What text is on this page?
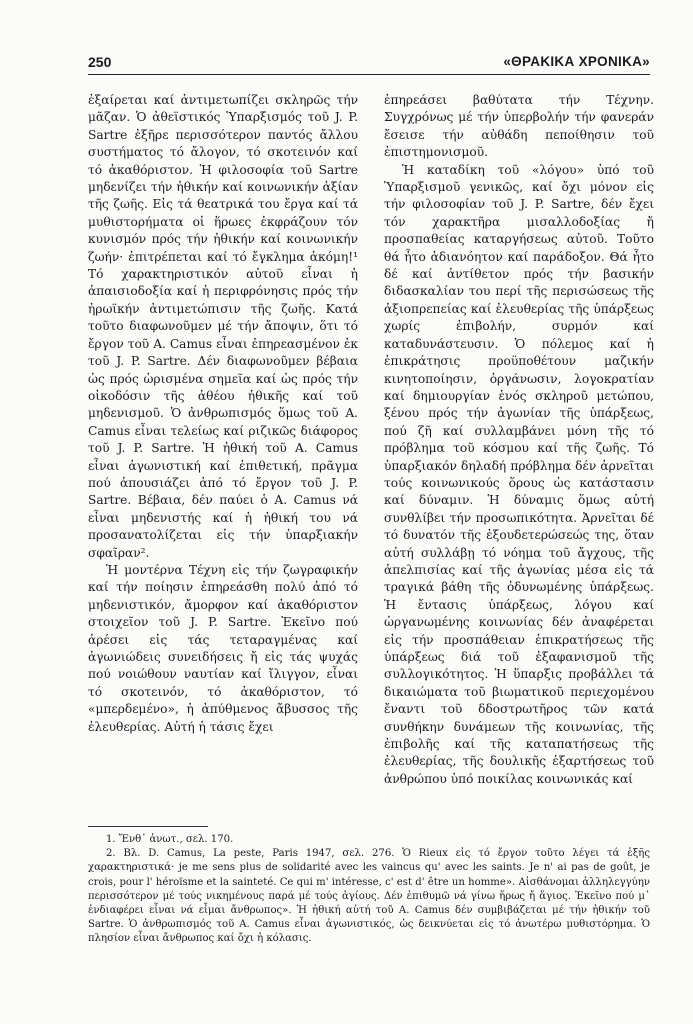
250	«ΘΡΑΚΙΚΑ ΧΡΟΝΙΚΑ»

ἐξαίρεται καί ἀντιμετωπίζει σκληρῶς τήν μᾶζαν. Ὁ ἀθεϊστικός Ὑπαρξισμός τοῦ J. P. Sartre ἐξῆρε περισσότερον παντός ἄλλου συστήματος τό ἄλογον, τό σκοτεινόν καί τό ἀκαθόριστον. Ἡ φιλοσοφία τοῦ Sartre μηδενίζει τήν ἠθικήν καί κοινωνικήν ἀξίαν τῆς ζωῆς. Εἰς τά θεατρικά του ἔργα καί τά μυθιστορήματα οἱ ἥρωες ἐκφράζουν τόν κυνισμόν πρός τήν ἠθικήν καί κοινωνικήν ζωήν· ἐπιτρέπεται καί τό ἔγκλημα ἀκόμη!¹ Τό χαρακτηριστικόν αὐτοῦ εἶναι ἡ ἀπαισιοδοξία καί ἡ περιφρόνησις πρός τήν ἡρωϊκήν ἀντιμετώπισιν τῆς ζωῆς. Κατά τοῦτο διαφωνοῦμεν μέ τήν ἄποψιν, ὅτι τό ἔργον τοῦ A. Camus εἶναι ἐπηρεασμένον ἐκ τοῦ J. P. Sartre. Δέν διαφωνοῦμεν βέβαια ὡς πρός ὡρισμένα σημεῖα καί ὡς πρός τήν οἰκοδόσιν τῆς ἀθέου ἠθικῆς καί τοῦ μηδενισμοῦ. Ὁ ἀνθρωπισμός ὅμως τοῦ A. Camus εἶναι τελείως καί ριζικῶς διάφορος τοῦ J. P. Sartre. Ἡ ἠθική τοῦ A. Camus εἶναι ἀγωνιστική καί ἐπιθετική, πρᾶγμα πού ἀπουσιάζει ἀπό τό ἔργον τοῦ J. P. Sartre. Βέβαια, δέν παύει ὁ A. Camus νά εἶναι μηδενιστής καί ἡ ἠθική του νά προσανατολίζεται εἰς τήν ὑπαρξιακήν σφαῖραν².

Ἡ μοντέρνα Τέχνη εἰς τήν ζωγραφικήν καί τήν ποίησιν ἐπηρεάσθη πολύ ἀπό τό μηδενιστικόν, ἄμορφον καί ἀκαθόριστον στοιχεῖον τοῦ J. P. Sartre. Ἐκεῖνο πού ἀρέσει εἰς τάς τεταραγμένας καί ἀγωνιώδεις συνειδήσεις ἤ εἰς τάς ψυχάς πού νοιώθουν ναυτίαν καί ἴλιγγον, εἶναι τό σκοτεινόν, τό ἀκαθόριστον, τό «μπερδεμένο», ἡ ἀπύθμενος ἄβυσσος τῆς ἐλευθερίας. Αὐτή ἡ τάσις ἔχει

ἐπηρεάσει βαθύτατα τήν Τέχνην. Συγχρόνως μέ τήν ὑπερβολήν τήν φανεράν ἔσεισε τήν αὐθάδη πεποίθησιν τοῦ ἐπιστημονισμοῦ.

Ἡ καταδίκη τοῦ «λόγου» ὑπό τοῦ Ὑπαρξισμοῦ γενικῶς, καί ὄχι μόνον εἰς τήν φιλοσοφίαν τοῦ J. P. Sartre, δέν ἔχει τόν χαρακτῆρα μισαλλοδοξίας ἤ προσπαθείας καταργήσεως αὐτοῦ. Τοῦτο θά ἦτο ἀδιανόητον καί παράδοξον. Θά ἦτο δέ καί ἀντίθετον πρός τήν βασικήν διδασκαλίαν του περί τῆς περισώσεως τῆς ἀξιοπρεπείας καί ἐλευθερίας τῆς ὑπάρξεως χωρίς ἐπιβολήν, συρμόν καί καταδυνάστευσιν. Ὁ πόλεμος καί ἡ ἐπικράτησις προϋποθέτουν μαζικήν κινητοποίησιν, ὀργάνωσιν, λογοκρατίαν καί δημιουργίαν ἑνός σκληροῦ μετώπου, ξένου πρός τήν ἀγωνίαν τῆς ὑπάρξεως, πού ζῆ καί συλλαμβάνει μόνη τῆς τό πρόβλημα τοῦ κόσμου καί τῆς ζωῆς. Τό ὑπαρξιακόν δηλαδή πρόβλημα δέν ἀρνεῖται τούς κοινωνικούς ὅρους ὡς κατάστασιν καί δύναμιν. Ἡ δύναμις ὅμως αὐτή συνθλίβει τήν προσωπικότητα. Ἀρνεῖται δέ τό δυνατόν τῆς ἐξουδετερώσεώς της, ὅταν αὐτή συλλάβῃ τό νόημα τοῦ ἄγχους, τῆς ἀπελπισίας καί τῆς ἀγωνίας μέσα εἰς τά τραγικά βάθη τῆς ὀδυνωμένης ὑπάρξεως. Ἡ ἔντασις ὑπάρξεως, λόγου καί ὠργανωμένης κοινωνίας δέν ἀναφέρεται εἰς τήν προσπάθειαν ἐπικρατήσεως τῆς ὑπάρξεως διά τοῦ ἐξαφανισμοῦ τῆς συλλογικότητος. Ἡ ὕπαρξις προβάλλει τά δικαιώματα τοῦ βιωματικοῦ περιεχομένου ἔναντι τοῦ δδοστρωτῆρος τῶν κατά συνθήκην δυνάμεων τῆς κοινωνίας, τῆς ἐπιβολῆς καί τῆς καταπατήσεως τῆς ἐλευθερίας, τῆς δουλικῆς ἐξαρτήσεως τοῦ ἀνθρώπου ὑπό ποικίλας κοινωνικάς καί

1. Ἔνθ᾽ ἀνωτ., σελ. 170.

2. Βλ. D. Camus, La peste, Paris 1947, σελ. 276. Ὁ Rieux εἰς τό ἔργον τοῦτο λέγει τά ἑξῆς χαρακτηριστικά· je me sens plus de solidarité avec les vaincus qu' avec les saints. Je n' ai pas de goût, je crois, pour l' héroïsme et la sainteté. Ce qui m' intéresse, c' est d' être un homme». Αἰσθάνομαι ἀλληλεγγύην περισσότερον μέ τούς νικημένους παρά μέ τούς ἁγίους. Δέν ἐπιθυμῶ νά γίνω ἥρως ἤ ἅγιος. Ἐκεῖνο πού μ᾽ ἐνδιαφέρει εἶναι νά εἶμαι ἄνθρωπος». Ἡ ἠθική αὐτή τοῦ A. Camus δέν συμβιβάζεται μέ τήν ἠθικήν τοῦ Sartre. Ὁ ἀνθρωπισμός τοῦ A. Camus εἶναι ἀγωνιστικός, ὡς δεικνύεται εἰς τό ἀνωτέρω μυθιστόρημα. Ὁ πλησίον εἶναι ἄνθρωπος καί ὄχι ἡ κόλασις.
